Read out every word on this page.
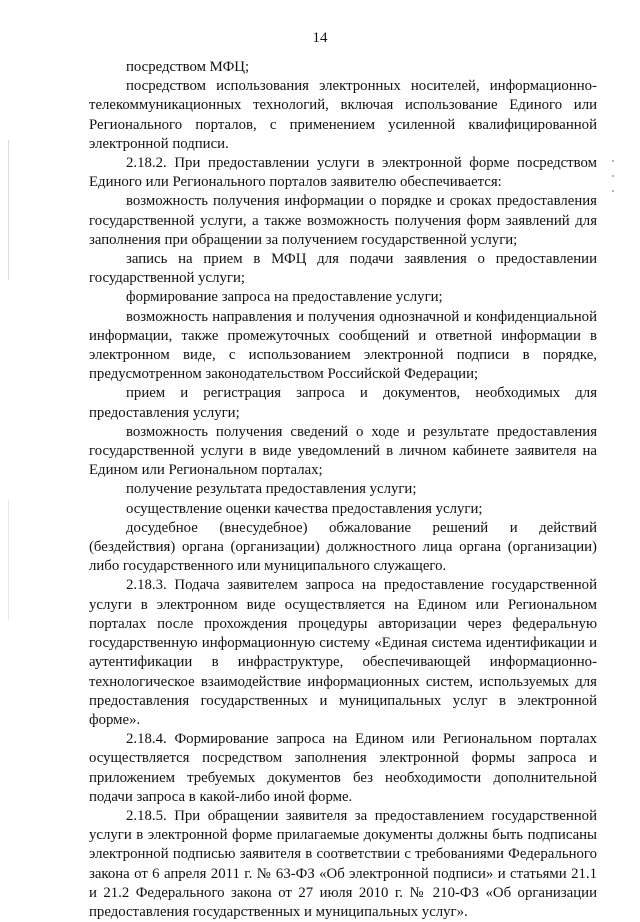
14

посредством МФЦ;

посредством использования электронных носителей, информационно-телекоммуникационных технологий, включая использование Единого или Регионального порталов, с применением усиленной квалифицированной электронной подписи.

2.18.2. При предоставлении услуги в электронной форме посредством Единого или Регионального порталов заявителю обеспечивается:

возможность получения информации о порядке и сроках предоставления государственной услуги, а также возможность получения форм заявлений для заполнения при обращении за получением государственной услуги;

запись на прием в МФЦ для подачи заявления о предоставлении государственной услуги;

формирование запроса на предоставление услуги;

возможность направления и получения однозначной и конфиденциальной информации, также промежуточных сообщений и ответной информации в электронном виде, с использованием электронной подписи в порядке, предусмотренном законодательством Российской Федерации;

прием и регистрация запроса и документов, необходимых для предоставления услуги;

возможность получения сведений о ходе и результате предоставления государственной услуги в виде уведомлений в личном кабинете заявителя на Едином или Региональном порталах;

получение результата предоставления услуги;

осуществление оценки качества предоставления услуги;

досудебное (внесудебное) обжалование решений и действий (бездействия) органа (организации) должностного лица органа (организации) либо государственного или муниципального служащего.

2.18.3. Подача заявителем запроса на предоставление государственной услуги в электронном виде осуществляется на Едином или Региональном порталах после прохождения процедуры авторизации через федеральную государственную информационную систему «Единая система идентификации и аутентификации в инфраструктуре, обеспечивающей информационно-технологическое взаимодействие информационных систем, используемых для предоставления государственных и муниципальных услуг в электронной форме».

2.18.4. Формирование запроса на Едином или Региональном порталах осуществляется посредством заполнения электронной формы запроса и приложением требуемых документов без необходимости дополнительной подачи запроса в какой-либо иной форме.

2.18.5. При обращении заявителя за предоставлением государственной услуги в электронной форме прилагаемые документы должны быть подписаны электронной подписью заявителя в соответствии с требованиями Федерального закона от 6 апреля 2011 г. № 63-ФЗ «Об электронной подписи» и статьями 21.1 и 21.2 Федерального закона от 27 июля 2010 г. № 210-ФЗ «Об организации предоставления государственных и муниципальных услуг».
